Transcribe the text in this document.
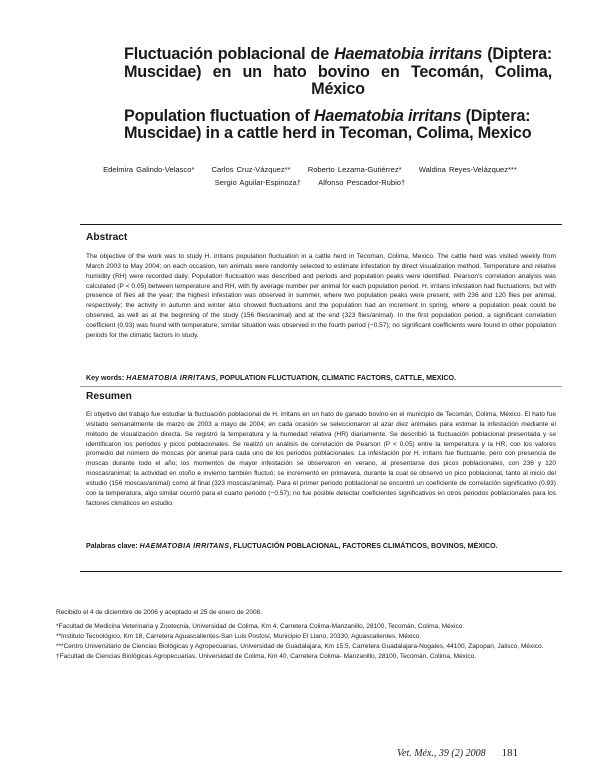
Fluctuación poblacional de Haematobia irritans (Diptera: Muscidae) en un hato bovino en Tecomán, Colima, México
Population fluctuation of Haematobia irritans (Diptera: Muscidae) in a cattle herd in Tecoman, Colima, Mexico
Edelmira Galindo-Velasco* Carlos Cruz-Vázquez** Roberto Lezama-Gutiérrez* Waldina Reyes-Velázquez***
Sergio Aguilar-Espinoza† Alfonso Pescador-Rubio†
Abstract
The objective of the work was to study H. irritans population fluctuation in a cattle herd in Tecoman, Colima, Mexico. The cattle herd was visited weekly from March 2003 to May 2004; on each occasion, ten animals were randomly selected to estimate infestation by direct visualization method. Temperature and relative humidity (RH) were recorded daily. Population fluctuation was described and periods and population peaks were identified. Pearson's correlation analysis was calculated (P < 0.05) between temperature and RH, with fly average number per animal for each population period. H. irritans infestation had fluctuations, but with presence of flies all the year; the highest infestation was observed in summer, where two population peaks were present, with 236 and 120 flies per animal, respectively; the activity in autumn and winter also showed fluctuations and the population had an increment in spring, where a population peak could be observed, as well as at the beginning of the study (156 flies/animal) and at the end (323 flies/animal). In the first population period, a significant correlation coefficient (0.93) was found with temperature, similar situation was observed in the fourth period (−0.57); no significant coefficients were found in other population periods for the climatic factors in study.
Key words: HAEMATOBIA IRRITANS, POPULATION FLUCTUATION, CLIMATIC FACTORS, CATTLE, MEXICO.
Resumen
El objetivo del trabajo fue estudiar la fluctuación poblacional de H. irritans en un hato de ganado bovino en el municipio de Tecomán, Colima, México. El hato fue visitado semanalmente de marzo de 2003 a mayo de 2004; en cada ocasión se seleccionaron al azar diez animales para estimar la infestación mediante el método de visualización directa. Se registró la temperatura y la humedad relativa (HR) diariamente. Se describió la fluctuación poblacional presentada y se identificaron los periodos y picos poblacionales. Se realizó un análisis de correlación de Pearson (P < 0.05) entre la temperatura y la HR, con los valores promedio del número de moscas por animal para cada uno de los periodos poblacionales. La infestación por H. irritans fue fluctuante, pero con presencia de moscas durante todo el año; los momentos de mayor infestación se observaron en verano, al presentarse dos picos poblacionales, con 236 y 120 moscas/animal; la actividad en otoño e invierno también fluctuó; se incrementó en primavera, durante la cual se observó un pico poblacional, tanto al inicio del estudio (156 moscas/animal) como al final (323 moscas/animal). Para el primer periodo poblacional se encontró un coeficiente de correlación significativo (0.93) con la temperatura, algo similar ocurrió para el cuarto periodo (−0.57); no fue posible detectar coeficientes significativos en otros periodos poblacionales para los factores climáticos en estudio.
Palabras clave: HAEMATOBIA IRRITANS, FLUCTUACIÓN POBLACIONAL, FACTORES CLIMÁTICOS, BOVINOS, MÉXICO.

Recibido el 4 de diciembre de 2006 y aceptado el 25 de enero de 2008.

*Facultad de Medicina Veterinaria y Zootecnia, Universidad de Colima, Km 4, Carretera Colima-Manzanillo, 28100, Tecomán, Colima, México.

**Instituto Tecnológico, Km 18, Carretera Aguascalientes-San Luis Postosí, Municipio El Llano, 20330, Aguascalientes, México.

***Centro Universitario de Ciencias Biológicas y Agropecuarias, Universidad de Guadalajara, Km 15.5, Carretera Guadalajara-Nogales, 44100, Zapopan, Jalisco, México.

†Facultad de Ciencias Biológicas Agropecuarias, Universidad de Colima, Km 40, Carretera Colima- Manzanillo, 28100, Tecomán, Colima, México.

Vet. Méx., 39 (2) 2008 181
